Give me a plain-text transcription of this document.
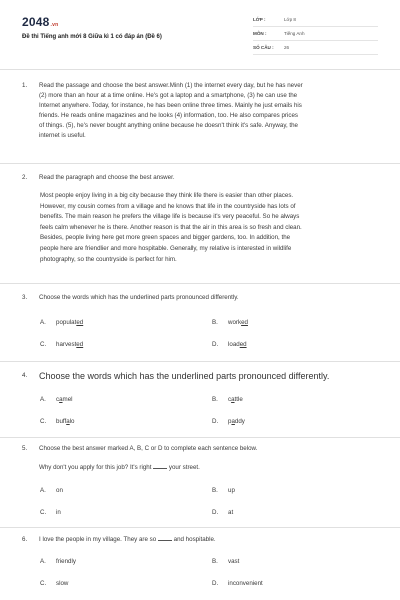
2048.vn
Đề thi Tiếng anh mới 8 Giữa kì 1 có đáp án (Đề 6)
LỚP :	Lớp 8
MÔN :	Tiếng Anh
SỐ CÂU :	26
1. Read the passage and choose the best answer.Minh (1) the internet every day, but he has never
(2) more than an hour at a time online. He's got a laptop and a smartphone, (3) he can use the
Internet anywhere. Today, for instance, he has been online three times. Mainly he just emails his
friends. He reads online magazines and he looks (4) information, too. He also compares prices
of things. (5), he's never bought anything online because he doesn't think it's safe. Anyway, the
internet is useful.
2. Read the paragraph and choose the best answer.
Most people enjoy living in a big city because they think life there is easier than other places.
However, my cousin comes from a village and he knows that life in the countryside has lots of
benefits. The main reason he prefers the village life is because it's very peaceful. So he always
feels calm whenever he is there. Another reason is that the air in this area is so fresh and clean.
Besides, people living here get more green spaces and bigger gardens, too. In addition, the
people here are friendlier and more hospitable. Generally, my relative is interested in wildlife
photography, so the countryside is perfect for him.
3. Choose the words which has the underlined parts pronounced differently.
A. populated	B. worked
C. harvested	D. loaded
4. Choose the words which has the underlined parts pronounced differently.
A. camel	B. cattle
C. buffalo	D. paddy
5. Choose the best answer marked A, B, C or D to complete each sentence below.
Why don't you apply for this job? It's right	your street.
A. on	B. up
C. in	D. at
6. I love the people in my village. They are so	and hospitable.
A. friendly	B. vast
C. slow	D. inconvenient
